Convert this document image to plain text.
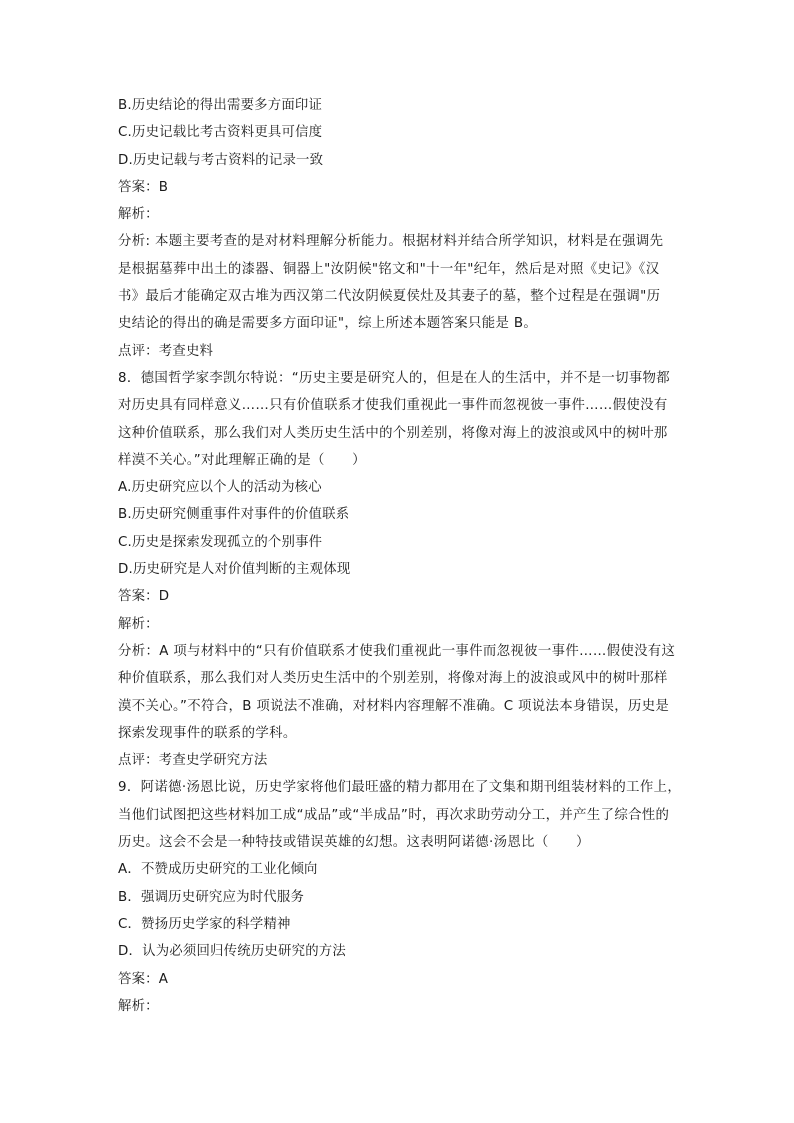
B.历史结论的得出需要多方面印证

C.历史记载比考古资料更具可信度

D.历史记载与考古资料的记录一致

答案：B

解析：

分析: 本题主要考查的是对材料理解分析能力。根据材料并结合所学知识，材料是在强调先

是根据墓葬中出土的漆器、铜器上"汝阴候"铭文和"十一年"纪年，然后是对照《史记》《汉

书》最后才能确定双古堆为西汉第二代汝阴候夏侯灶及其妻子的墓，整个过程是在强调"历

史结论的得出的确是需要多方面印证"，综上所述本题答案只能是 B。

点评：考查史料

8．德国哲学家李凯尔特说：“历史主要是研究人的，但是在人的生活中，并不是一切事物都

对历史具有同样意义……只有价值联系才使我们重视此一事件而忽视彼一事件……假使没有

这种价值联系，那么我们对人类历史生活中的个别差别，将像对海上的波浪或风中的树叶那

样漠不关心。”对此理解正确的是（　　）

A.历史研究应以个人的活动为核心

B.历史研究侧重事件对事件的价值联系

C.历史是探索发现孤立的个别事件

D.历史研究是人对价值判断的主观体现

答案：D

解析：

分析：A 项与材料中的“只有价值联系才使我们重视此一事件而忽视彼一事件……假使没有这

种价值联系，那么我们对人类历史生活中的个别差别，将像对海上的波浪或风中的树叶那样

漠不关心。”不符合，B 项说法不准确，对材料内容理解不准确。C 项说法本身错误，历史是

探索发现事件的联系的学科。

点评：考查史学研究方法

9．阿诺德·汤恩比说，历史学家将他们最旺盛的精力都用在了文集和期刊组装材料的工作上，

当他们试图把这些材料加工成“成品”或“半成品”时，再次求助劳动分工，并产生了综合性的

历史。这会不会是一种特技或错误英雄的幻想。这表明阿诺德·汤恩比（　　）

A．不赞成历史研究的工业化倾向

B．强调历史研究应为时代服务

C．赞扬历史学家的科学精神

D．认为必须回归传统历史研究的方法

答案：A

解析：
